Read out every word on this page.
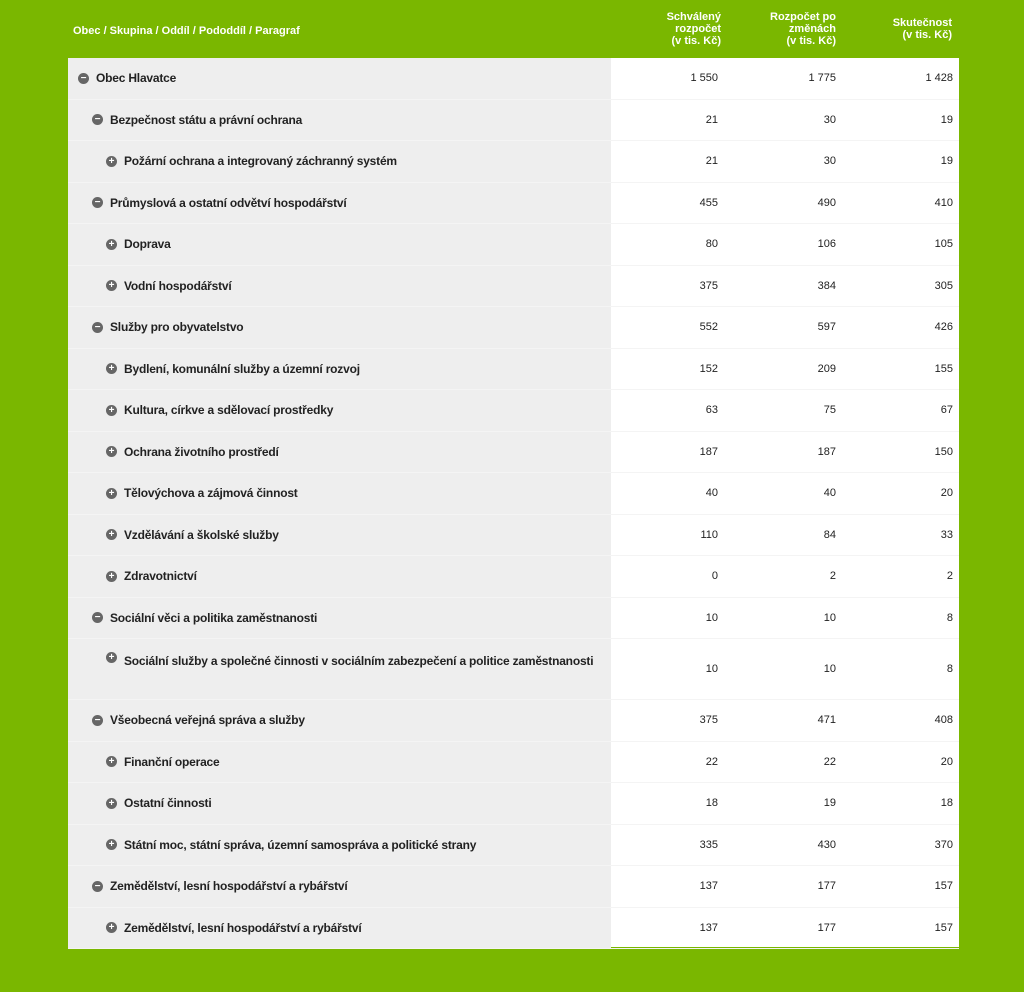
Obec / Skupina / Oddíl / Pododdíl / Paragraf
Schválený
rozpočet
(v tis. Kč)
Rozpočet po
změnách
(v tis. Kč)
Skutečnost
(v tis. Kč)
− Obec Hlavatce	1 550	1 775	1 428
− Bezpečnost státu a právní ochrana	21	30	19
+ Požární ochrana a integrovaný záchranný systém	21	30	19
− Průmyslová a ostatní odvětví hospodářství	455	490	410
+ Doprava	80	106	105
+ Vodní hospodářství	375	384	305
− Služby pro obyvatelstvo	552	597	426
+ Bydlení, komunální služby a územní rozvoj	152	209	155
+ Kultura, církve a sdělovací prostředky	63	75	67
+ Ochrana životního prostředí	187	187	150
+ Tělovýchova a zájmová činnost	40	40	20
+ Vzdělávání a školské služby	110	84	33
+ Zdravotnictví	0	2	2
− Sociální věci a politika zaměstnanosti	10	10	8
+ Sociální služby a společné činnosti v sociálním zabezpečení a politice zaměstnanosti
10	10	8
− Všeobecná veřejná správa a služby	375	471	408
+ Finanční operace	22	22	20
+ Ostatní činnosti	18	19	18
+ Státní moc, státní správa, územní samospráva a politické strany	335	430	370
− Zemědělství, lesní hospodářství a rybářství	137	177	157
+ Zemědělství, lesní hospodářství a rybářství	137	177	157
